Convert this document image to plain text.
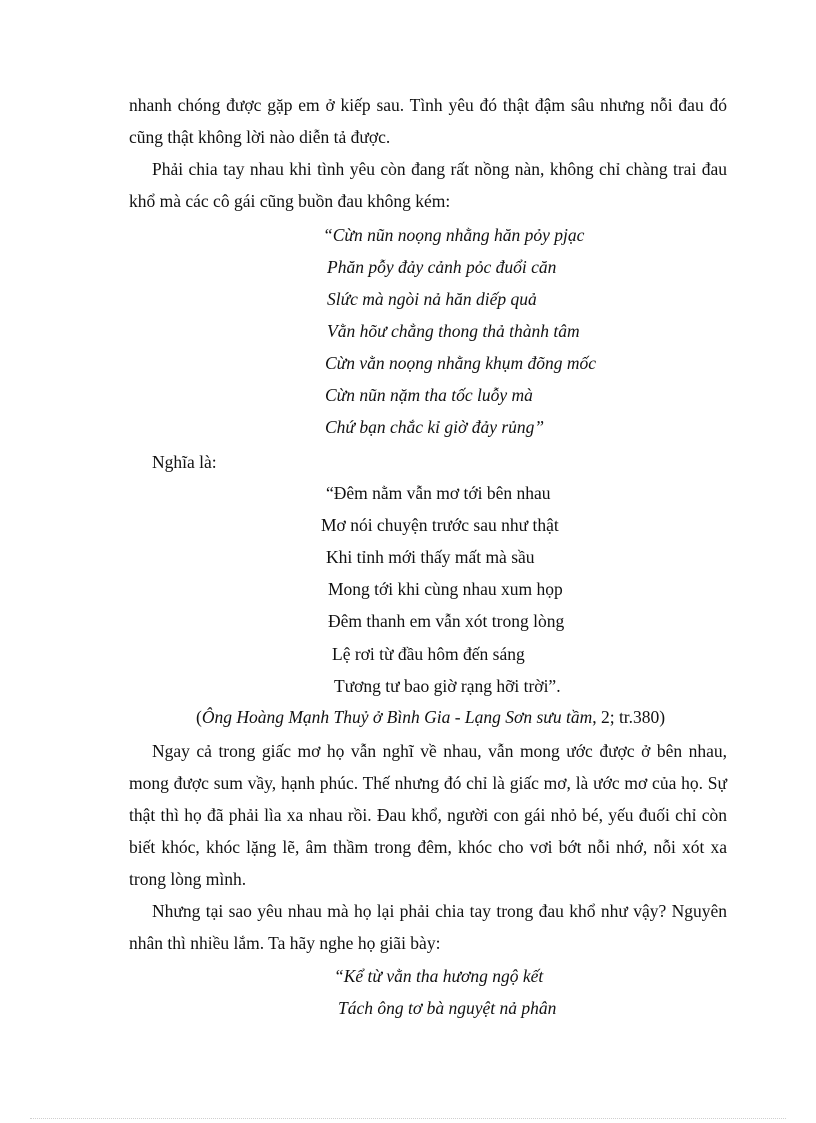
nhanh chóng được gặp em ở kiếp sau. Tình yêu đó thật đậm sâu nhưng nỗi đau đó cũng thật không lời nào diễn tả được.

Phải chia tay nhau khi tình yêu còn đang rất nồng nàn, không chỉ chàng trai đau khổ mà các cô gái cũng buồn đau không kém:

“Cừn nũn noọng nhằng hăn pỏy pjạc
Phăn pỗy đảy cảnh pỏc đuổi căn
Slức mà ngòi nả hăn diếp quả
Vằn hõư chẳng thong thả thành tâm
Cừn vằn noọng nhằng khụm đõng mốc
Cừn nũn nặm tha tốc luỗy mà
Chứ bạn chắc kỉ giờ đảy rủng”
Nghĩa là:
“Đêm nằm vẫn mơ tới bên nhau
Mơ nói chuyện trước sau như thật
Khi tỉnh mới thấy mất mà sầu
Mong tới khi cùng nhau xum họp
Đêm thanh em vẫn xót trong lòng
Lệ rơi từ đầu hôm đến sáng
Tương tư bao giờ rạng hỡi trời”.
(Ông Hoàng Mạnh Thuỷ ở Bình Gia - Lạng Sơn sưu tầm, 2; tr.380)

Ngay cả trong giấc mơ họ vẫn nghĩ về nhau, vẫn mong ước được ở bên nhau, mong được sum vầy, hạnh phúc. Thế nhưng đó chỉ là giấc mơ, là ước mơ của họ. Sự thật thì họ đã phải lìa xa nhau rồi. Đau khổ, người con gái nhỏ bé, yếu đuối chỉ còn biết khóc, khóc lặng lẽ, âm thầm trong đêm, khóc cho vơi bớt nỗi nhớ, nỗi xót xa trong lòng mình.

Nhưng tại sao yêu nhau mà họ lại phải chia tay trong đau khổ như vậy? Nguyên nhân thì nhiều lắm. Ta hãy nghe họ giãi bày:

“Kể từ vằn tha hương ngộ kết
Tách ông tơ bà nguyệt nả phân
